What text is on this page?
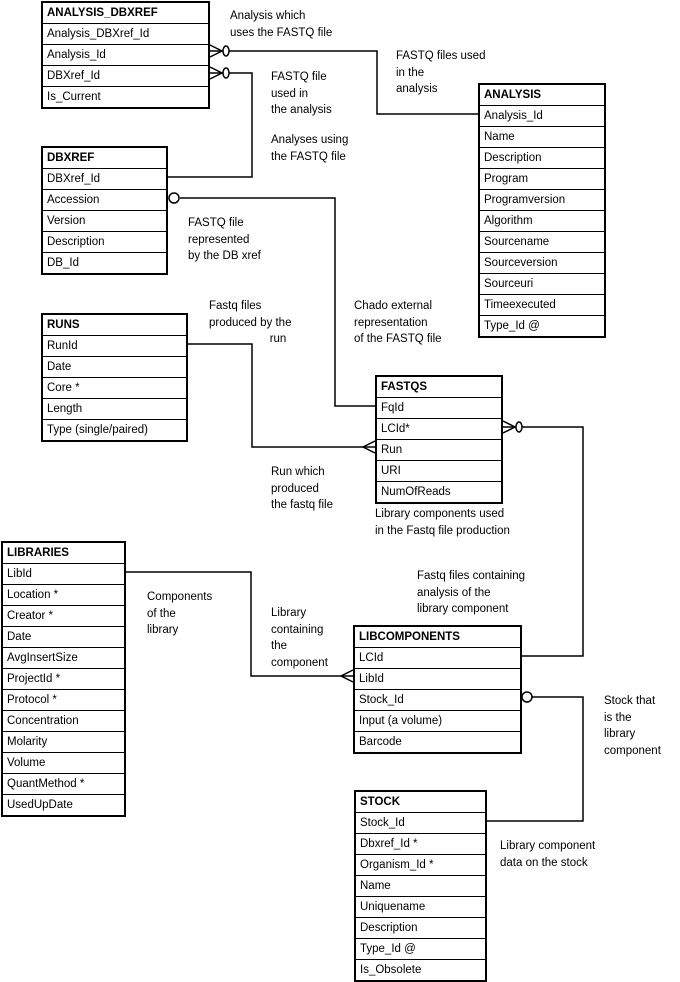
ANALYSIS_DBXREF
Analysis_DBXref_Id
Analysis_Id
DBXref_Id
Is_Current
DBXREF
DBXref_Id
Accession
Version
Description
DB_Id
ANALYSIS
Analysis_Id
Name
Description
Program
Programversion
Algorithm
Sourcename
Sourceversion
Sourceuri
Timeexecuted
Type_Id @
RUNS
RunId
Date
Core *
Length
Type (single/paired)
FASTQS
FqId
LCId*
Run
URI
NumOfReads
LIBRARIES
LibId
Location *
Creator *
Date
AvgInsertSize
ProjectId *
Protocol *
Concentration
Molarity
Volume
QuantMethod *
UsedUpDate
LIBCOMPONENTS
LCId
LibId
Stock_Id
Input (a volume)
Barcode
STOCK
Stock_Id
Dbxref_Id *
Organism_Id *
Name
Uniquename
Description
Type_Id @
Is_Obsolete
Analysis which
uses the FASTQ file
FASTQ files used
in the
analysis
FASTQ file
used in
the analysis
Analyses using
the FASTQ file
FASTQ file
represented
by the DB xref
Fastq files
produced by the
run
Chado external
representation
of the FASTQ file
Run which
produced
the fastq file
Library components used
in the Fastq file production
Components
of the
library
Fastq files containing
analysis of the
library component
Library
containing
the
component
Stock that
is the
library
component
Library component
data on the stock
